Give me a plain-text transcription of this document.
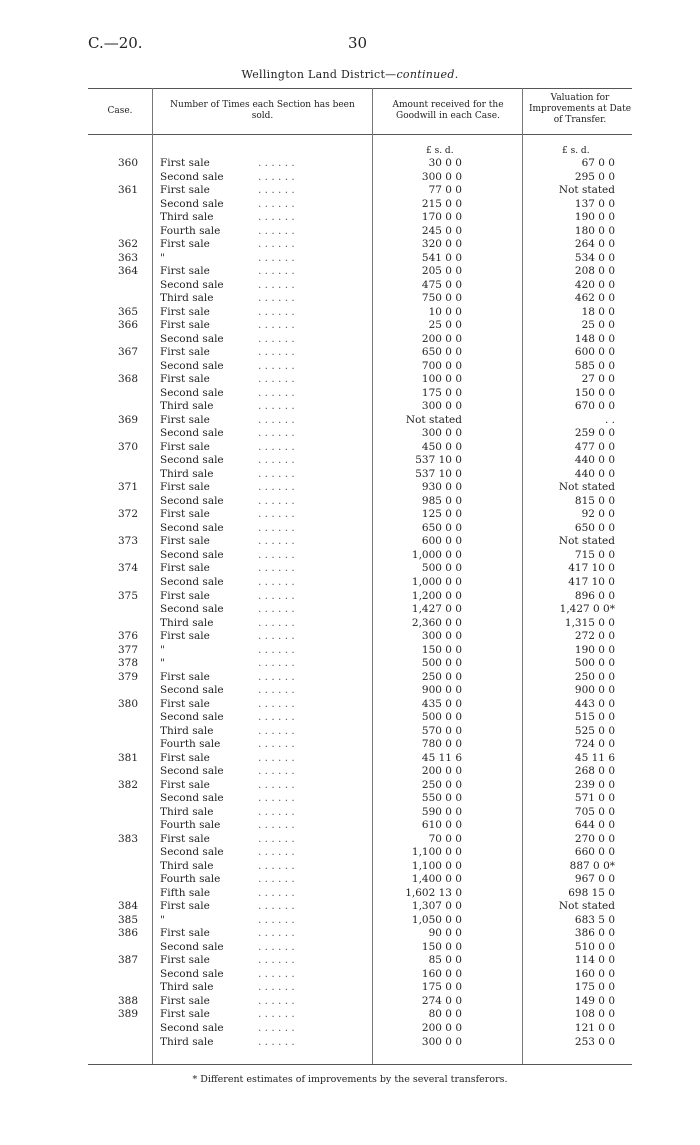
C.—20.	30
Wellington Land District—continued.
Case.
Number of Times each Section has been sold.
Amount received for the Goodwill in each Case.
Valuation for Improvements at Date of Transfer.
£ s. d.	£ s. d.
360 First sale	. . . . . .	30 0 0	67 0 0
Second sale	. . . . . .	300 0 0	295 0 0
361 First sale	. . . . . .	77 0 0	Not stated
Second sale	. . . . . .	215 0 0	137 0 0
Third sale	. . . . . .	170 0 0	190 0 0
Fourth sale	. . . . . .	245 0 0	180 0 0
362 First sale	. . . . . .	320 0 0	264 0 0
363 "	. . . . . .	541 0 0	534 0 0
364 First sale	. . . . . .	205 0 0	208 0 0
Second sale	. . . . . .	475 0 0	420 0 0
Third sale	. . . . . .	750 0 0	462 0 0
365 First sale	. . . . . .	10 0 0	18 0 0
366 First sale	. . . . . .	25 0 0	25 0 0
Second sale	. . . . . .	200 0 0	148 0 0
367 First sale	. . . . . .	650 0 0	600 0 0
Second sale	. . . . . .	700 0 0	585 0 0
368 First sale	. . . . . .	100 0 0	27 0 0
Second sale	. . . . . .	175 0 0	150 0 0
Third sale	. . . . . .	300 0 0	670 0 0
369 First sale	. . . . . .	Not stated	. .
Second sale	. . . . . .	300 0 0	259 0 0
370 First sale	. . . . . .	450 0 0	477 0 0
Second sale	. . . . . .	537 10 0	440 0 0
Third sale	. . . . . .	537 10 0	440 0 0
371 First sale	. . . . . .	930 0 0	Not stated
Second sale	. . . . . .	985 0 0	815 0 0
372 First sale	. . . . . .	125 0 0	92 0 0
Second sale	. . . . . .	650 0 0	650 0 0
373 First sale	. . . . . .	600 0 0	Not stated
Second sale	. . . . . .	1,000 0 0	715 0 0
374 First sale	. . . . . .	500 0 0	417 10 0
Second sale	. . . . . .	1,000 0 0	417 10 0
375 First sale	. . . . . .	1,200 0 0	896 0 0
Second sale	. . . . . .	1,427 0 0	1,427 0 0*
Third sale	. . . . . .	2,360 0 0	1,315 0 0
376 First sale	. . . . . .	300 0 0	272 0 0
377 "	. . . . . .	150 0 0	190 0 0
378 "	. . . . . .	500 0 0	500 0 0
379 First sale	. . . . . .	250 0 0	250 0 0
Second sale	. . . . . .	900 0 0	900 0 0
380 First sale	. . . . . .	435 0 0	443 0 0
Second sale	. . . . . .	500 0 0	515 0 0
Third sale	. . . . . .	570 0 0	525 0 0
Fourth sale	. . . . . .	780 0 0	724 0 0
381 First sale	. . . . . .	45 11 6	45 11 6
Second sale	. . . . . .	200 0 0	268 0 0
382 First sale	. . . . . .	250 0 0	239 0 0
Second sale	. . . . . .	550 0 0	571 0 0
Third sale	. . . . . .	590 0 0	705 0 0
Fourth sale	. . . . . .	610 0 0	644 0 0
383 First sale	. . . . . .	70 0 0	270 0 0
Second sale	. . . . . .	1,100 0 0	660 0 0
Third sale	. . . . . .	1,100 0 0	887 0 0*
Fourth sale	. . . . . .	1,400 0 0	967 0 0
Fifth sale	. . . . . .	1,602 13 0	698 15 0
384 First sale	. . . . . .	1,307 0 0	Not stated
385 "	. . . . . .	1,050 0 0	683 5 0
386 First sale	. . . . . .	90 0 0	386 0 0
Second sale	. . . . . .	150 0 0	510 0 0
387 First sale	. . . . . .	85 0 0	114 0 0
Second sale	. . . . . .	160 0 0	160 0 0
Third sale	. . . . . .	175 0 0	175 0 0
388 First sale	. . . . . .	274 0 0	149 0 0
389 First sale	. . . . . .	80 0 0	108 0 0
Second sale	. . . . . .	200 0 0	121 0 0
Third sale	. . . . . .	300 0 0	253 0 0
* Different estimates of improvements by the several transferors.
